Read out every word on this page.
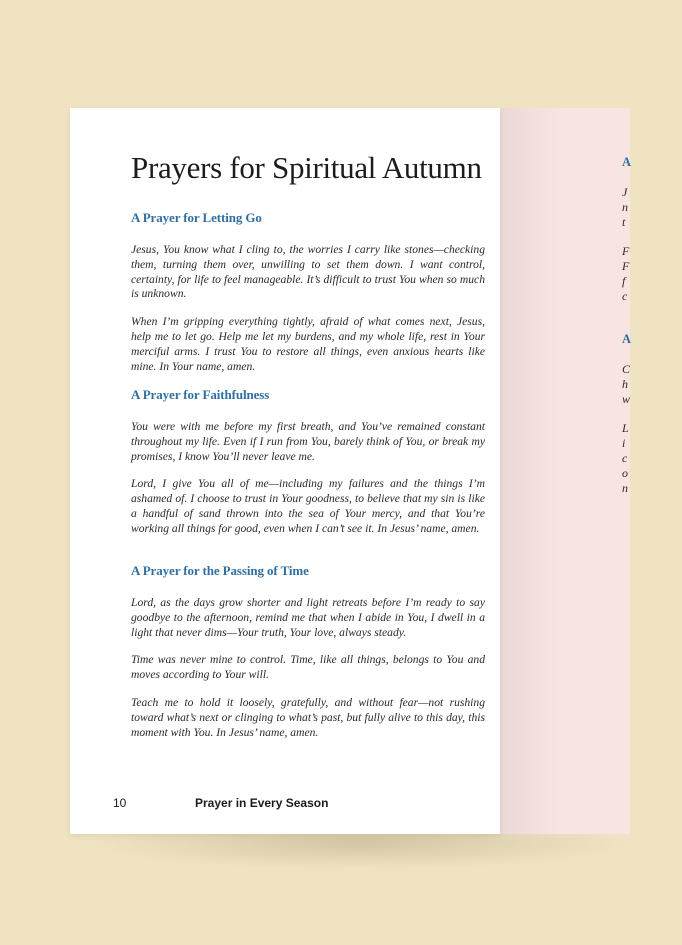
A
J
n
t
F
F
f
c
A
C
h
w
L
i
c
o
n
Prayers for Spiritual Autumn
A Prayer for Letting Go

Jesus, You know what I cling to, the worries I carry like stones—checking them, turning them over, unwilling to set them down. I want control, certainty, for life to feel manageable. It’s difficult to trust You when so much is unknown.

When I’m gripping everything tightly, afraid of what comes next, Jesus, help me to let go. Help me let my burdens, and my whole life, rest in Your merciful arms. I trust You to restore all things, even anxious hearts like mine. In Your name, amen.

A Prayer for Faithfulness

You were with me before my first breath, and You’ve remained constant throughout my life. Even if I run from You, barely think of You, or break my promises, I know You’ll never leave me.

Lord, I give You all of me—including my failures and the things I’m ashamed of. I choose to trust in Your goodness, to believe that my sin is like a handful of sand thrown into the sea of Your mercy, and that You’re working all things for good, even when I can’t see it. In Jesus’ name, amen.

A Prayer for the Passing of Time

Lord, as the days grow shorter and light retreats before I’m ready to say goodbye to the afternoon, remind me that when I abide in You, I dwell in a light that never dims—Your truth, Your love, always steady.

Time was never mine to control. Time, like all things, belongs to You and moves according to Your will.

Teach me to hold it loosely, gratefully, and without fear—not rushing toward what’s next or clinging to what’s past, but fully alive to this day, this moment with You. In Jesus’ name, amen.

10	Prayer in Every Season
